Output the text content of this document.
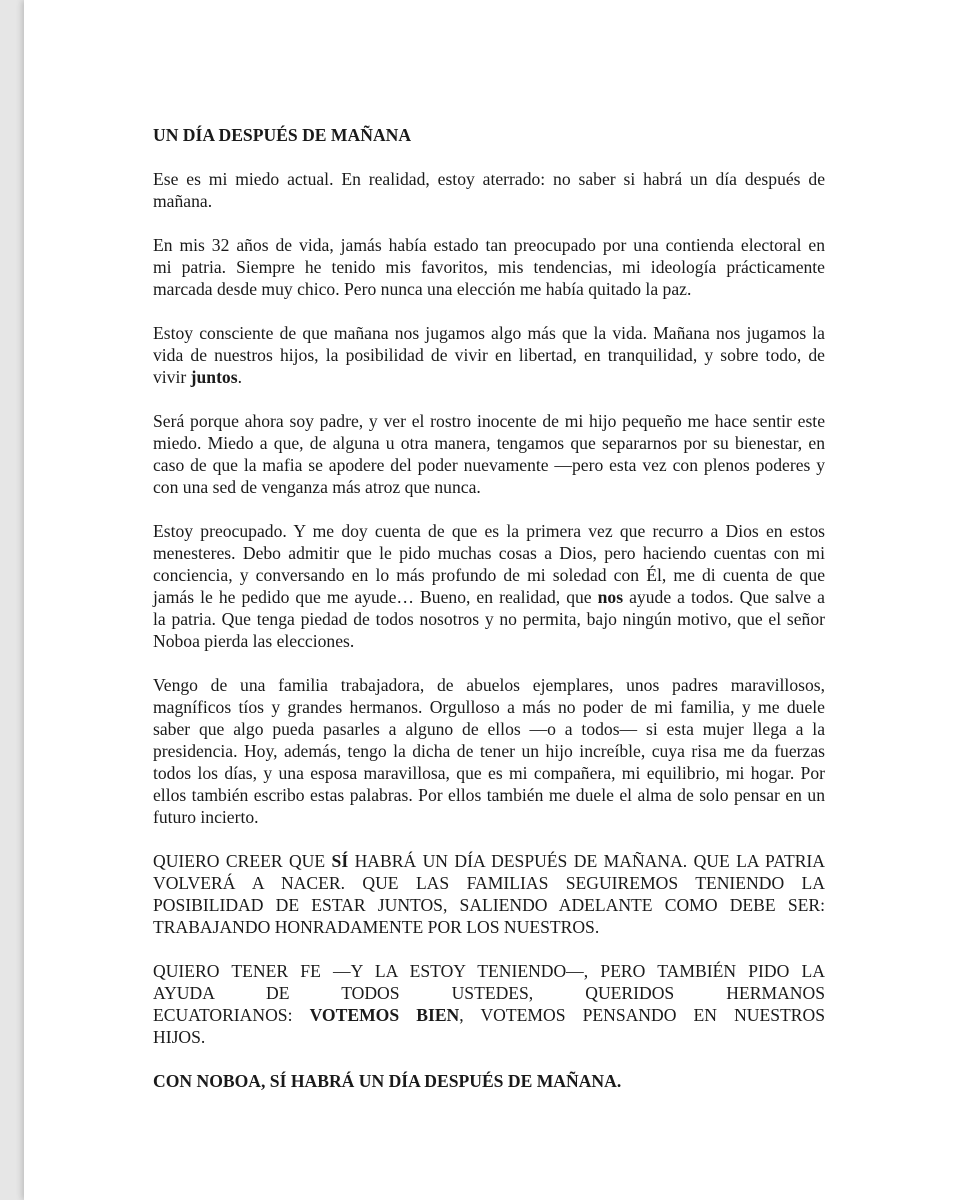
UN DÍA DESPUÉS DE MAÑANA

Ese es mi miedo actual. En realidad, estoy aterrado: no saber si habrá un día después de
mañana.

En mis 32 años de vida, jamás había estado tan preocupado por una contienda electoral en
mi patria. Siempre he tenido mis favoritos, mis tendencias, mi ideología prácticamente
marcada desde muy chico. Pero nunca una elección me había quitado la paz.

Estoy consciente de que mañana nos jugamos algo más que la vida. Mañana nos jugamos la
vida de nuestros hijos, la posibilidad de vivir en libertad, en tranquilidad, y sobre todo, de
vivir juntos.

Será porque ahora soy padre, y ver el rostro inocente de mi hijo pequeño me hace sentir este
miedo. Miedo a que, de alguna u otra manera, tengamos que separarnos por su bienestar, en
caso de que la mafia se apodere del poder nuevamente —pero esta vez con plenos poderes y
con una sed de venganza más atroz que nunca.

Estoy preocupado. Y me doy cuenta de que es la primera vez que recurro a Dios en estos
menesteres. Debo admitir que le pido muchas cosas a Dios, pero haciendo cuentas con mi
conciencia, y conversando en lo más profundo de mi soledad con Él, me di cuenta de que
jamás le he pedido que me ayude… Bueno, en realidad, que nos ayude a todos. Que salve a
la patria. Que tenga piedad de todos nosotros y no permita, bajo ningún motivo, que el señor
Noboa pierda las elecciones.

Vengo de una familia trabajadora, de abuelos ejemplares, unos padres maravillosos,
magníficos tíos y grandes hermanos. Orgulloso a más no poder de mi familia, y me duele
saber que algo pueda pasarles a alguno de ellos —o a todos— si esta mujer llega a la
presidencia. Hoy, además, tengo la dicha de tener un hijo increíble, cuya risa me da fuerzas
todos los días, y una esposa maravillosa, que es mi compañera, mi equilibrio, mi hogar. Por
ellos también escribo estas palabras. Por ellos también me duele el alma de solo pensar en un
futuro incierto.

QUIERO CREER QUE SÍ HABRÁ UN DÍA DESPUÉS DE MAÑANA. QUE LA PATRIA
VOLVERÁ A NACER. QUE LAS FAMILIAS SEGUIREMOS TENIENDO LA
POSIBILIDAD DE ESTAR JUNTOS, SALIENDO ADELANTE COMO DEBE SER:
TRABAJANDO HONRADAMENTE POR LOS NUESTROS.

QUIERO TENER FE —Y LA ESTOY TENIENDO—, PERO TAMBIÉN PIDO LA
AYUDA DE TODOS USTEDES, QUERIDOS HERMANOS
ECUATORIANOS: VOTEMOS BIEN, VOTEMOS PENSANDO EN NUESTROS
HIJOS.

CON NOBOA, SÍ HABRÁ UN DÍA DESPUÉS DE MAÑANA.
